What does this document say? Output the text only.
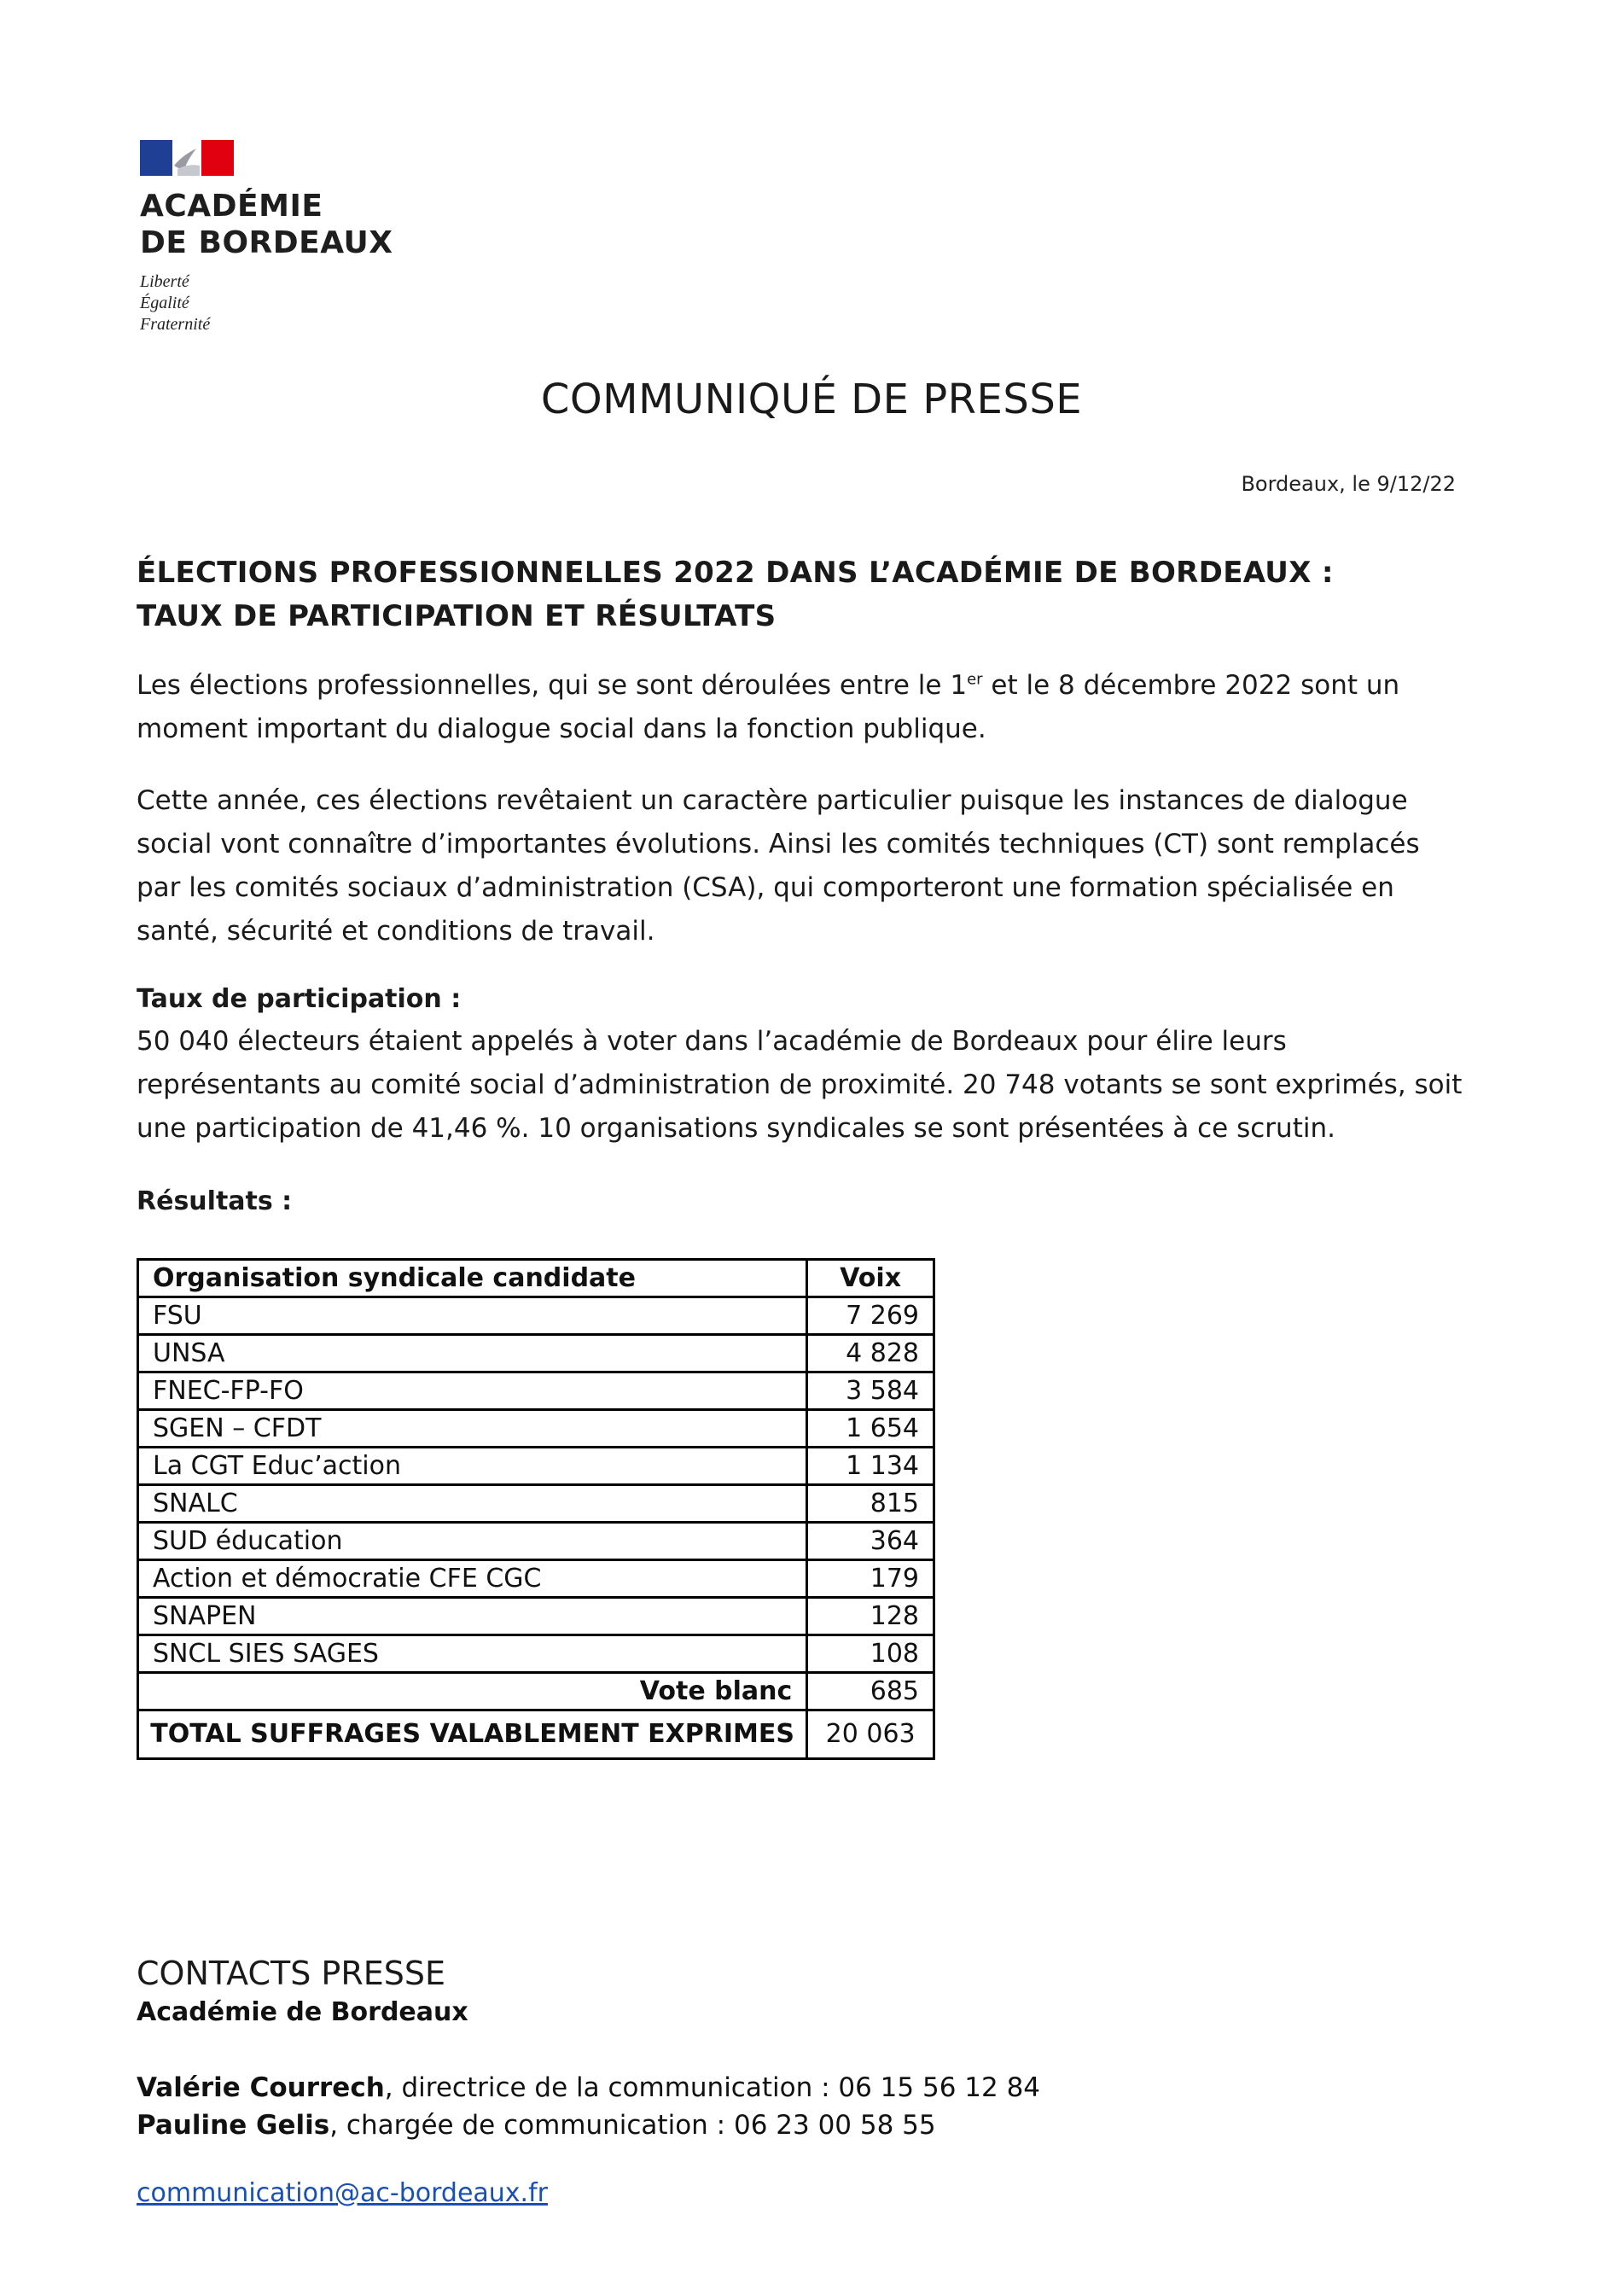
ACADÉMIE
DE BORDEAUX
Liberté
Égalité
Fraternité
COMMUNIQUÉ DE PRESSE
Bordeaux, le 9/12/22

ÉLECTIONS PROFESSIONNELLES 2022 DANS L’ACADÉMIE DE BORDEAUX :

TAUX DE PARTICIPATION ET RÉSULTATS

Les élections professionnelles, qui se sont déroulées entre le 1er et le 8 décembre 2022 sont un moment important du dialogue social dans la fonction publique.

Cette année, ces élections revêtaient un caractère particulier puisque les instances de dialogue social vont connaître d’importantes évolutions. Ainsi les comités techniques (CT) sont remplacés par les comités sociaux d’administration (CSA), qui comporteront une formation spécialisée en santé, sécurité et conditions de travail.

Taux de participation :

50 040 électeurs étaient appelés à voter dans l’académie de Bordeaux pour élire leurs représentants au comité social d’administration de proximité. 20 748 votants se sont exprimés, soit une participation de 41,46 %. 10 organisations syndicales se sont présentées à ce scrutin.

Résultats :

Organisation syndicale candidate	Voix
FSU	7 269
UNSA	4 828
FNEC-FP-FO	3 584
SGEN – CFDT	1 654
La CGT Educ’action	1 134
SNALC	815
SUD éducation	364
Action et démocratie CFE CGC	179
SNAPEN	128
SNCL SIES SAGES	108
Vote blanc	685
TOTAL SUFFRAGES VALABLEMENT EXPRIMES	20 063

CONTACTS PRESSE

Académie de Bordeaux

Valérie Courrech, directrice de la communication : 06 15 56 12 84

Pauline Gelis, chargée de communication : 06 23 00 58 55

communication@ac-bordeaux.fr
